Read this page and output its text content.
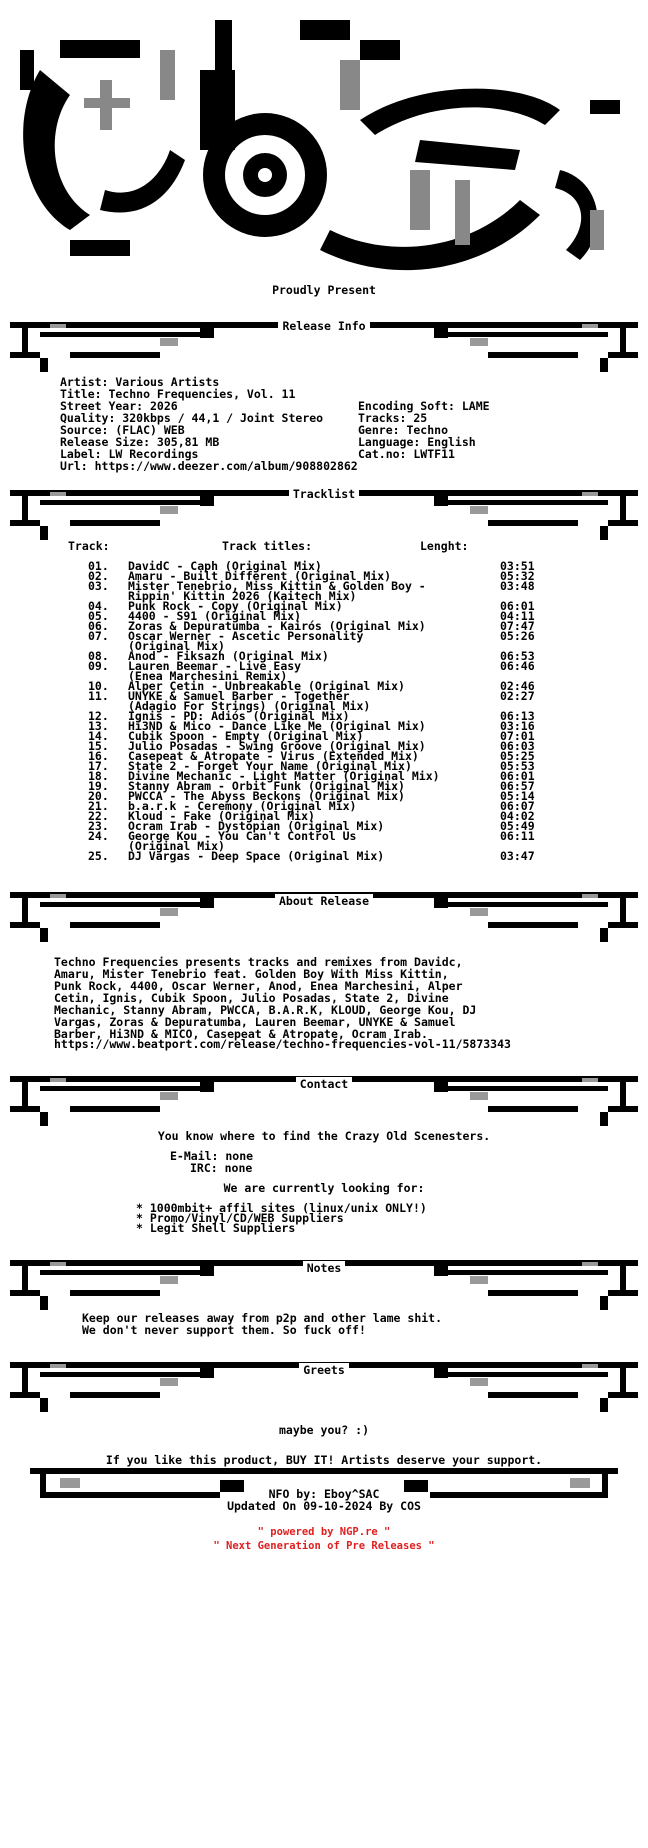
Proudly Present
Release Info
Artist: Various Artists
Title: Techno Frequencies, Vol. 11
Street Year: 2026
Quality: 320kbps / 44,1 / Joint Stereo
Source: (FLAC) WEB
Release Size: 305,81 MB
Label: LW Recordings
Url: https://www.deezer.com/album/908802862
Encoding Soft: LAME
Tracks: 25
Genre: Techno
Language: English
Cat.no: LWTF11
Tracklist
Track:	Track titles:	Lenght:
01.	DavidC - Caph (Original Mix)	03:51
02.	Amaru - Built Different (Original Mix)	05:32
03.	Mister Tenebrio, Miss Kittin & Golden Boy -	03:48
Rippin' Kittin 2026 (Kaitech Mix)
04.	Punk Rock - Copy (Original Mix)	06:01
05.	4400 - S91 (Original Mix)	04:11
06.	Zoras & Depuratumba - Kairós (Original Mix)	07:47
07.	Oscar Werner - Ascetic Personality	05:26
(Original Mix)
08.	Anod - Fiksazh (Original Mix)	06:53
09.	Lauren Beemar - Live Easy	06:46
(Enea Marchesini Remix)
10.	Alper Çetin - Unbreakable (Original Mix)	02:46
11.	UNYKE & Samuel Barber - Together	02:27
(Adagio For Strings) (Original Mix)
12.	Ignis - PD: Adiós (Original Mix)	06:13
13.	Hi3ND & Mico - Dance Like Me (Original Mix)	03:16
14.	Cubik Spoon - Empty (Original Mix)	07:01
15.	Julio Posadas - Swing Groove (Original Mix)	06:03
16.	Casepeat & Atropate - Virus (Extended Mix)	05:25
17.	State 2 - Forget Your Name (Original Mix)	05:53
18.	Divine Mechanic - Light Matter (Original Mix)	06:01
19.	Stanny Abram - Orbit Funk (Original Mix)	06:57
20.	PWCCA - The Abyss Beckons (Original Mix)	05:14
21.	b.a.r.k - Ceremony (Original Mix)	06:07
22.	Kloud - Fake (Original Mix)	04:02
23.	Ocram Irab - Dystopian (Original Mix)	05:49
24.	George Kou - You Can't Control Us	06:11
(Original Mix)
25.	DJ Vargas - Deep Space (Original Mix)	03:47
About Release
Techno Frequencies presents tracks and remixes from Davidc,
Amaru, Mister Tenebrio feat. Golden Boy With Miss Kittin,
Punk Rock, 4400, Oscar Werner, Anod, Enea Marchesini, Alper
Cetin, Ignis, Cubik Spoon, Julio Posadas, State 2, Divine
Mechanic, Stanny Abram, PWCCA, B.A.R.K, KLOUD, George Kou, DJ
Vargas, Zoras & Depuratumba, Lauren Beemar, UNYKE & Samuel
Barber, Hi3ND & MICO, Casepeat & Atropate, Ocram Irab.
https://www.beatport.com/release/techno-frequencies-vol-11/5873343
Contact
You know where to find the Crazy Old Scenesters.
E-Mail: none
IRC: none
We are currently looking for:
* 1000mbit+ affil sites (linux/unix ONLY!)
* Promo/Vinyl/CD/WEB Suppliers
* Legit Shell Suppliers
Notes
Keep our releases away from p2p and other lame shit.
We don't never support them. So fuck off!
Greets
maybe you? :)
If you like this product, BUY IT! Artists deserve your support.
NFO by: Eboy^SAC
Updated On 09-10-2024 By COS
" powered by NGP.re "
" Next Generation of Pre Releases "
